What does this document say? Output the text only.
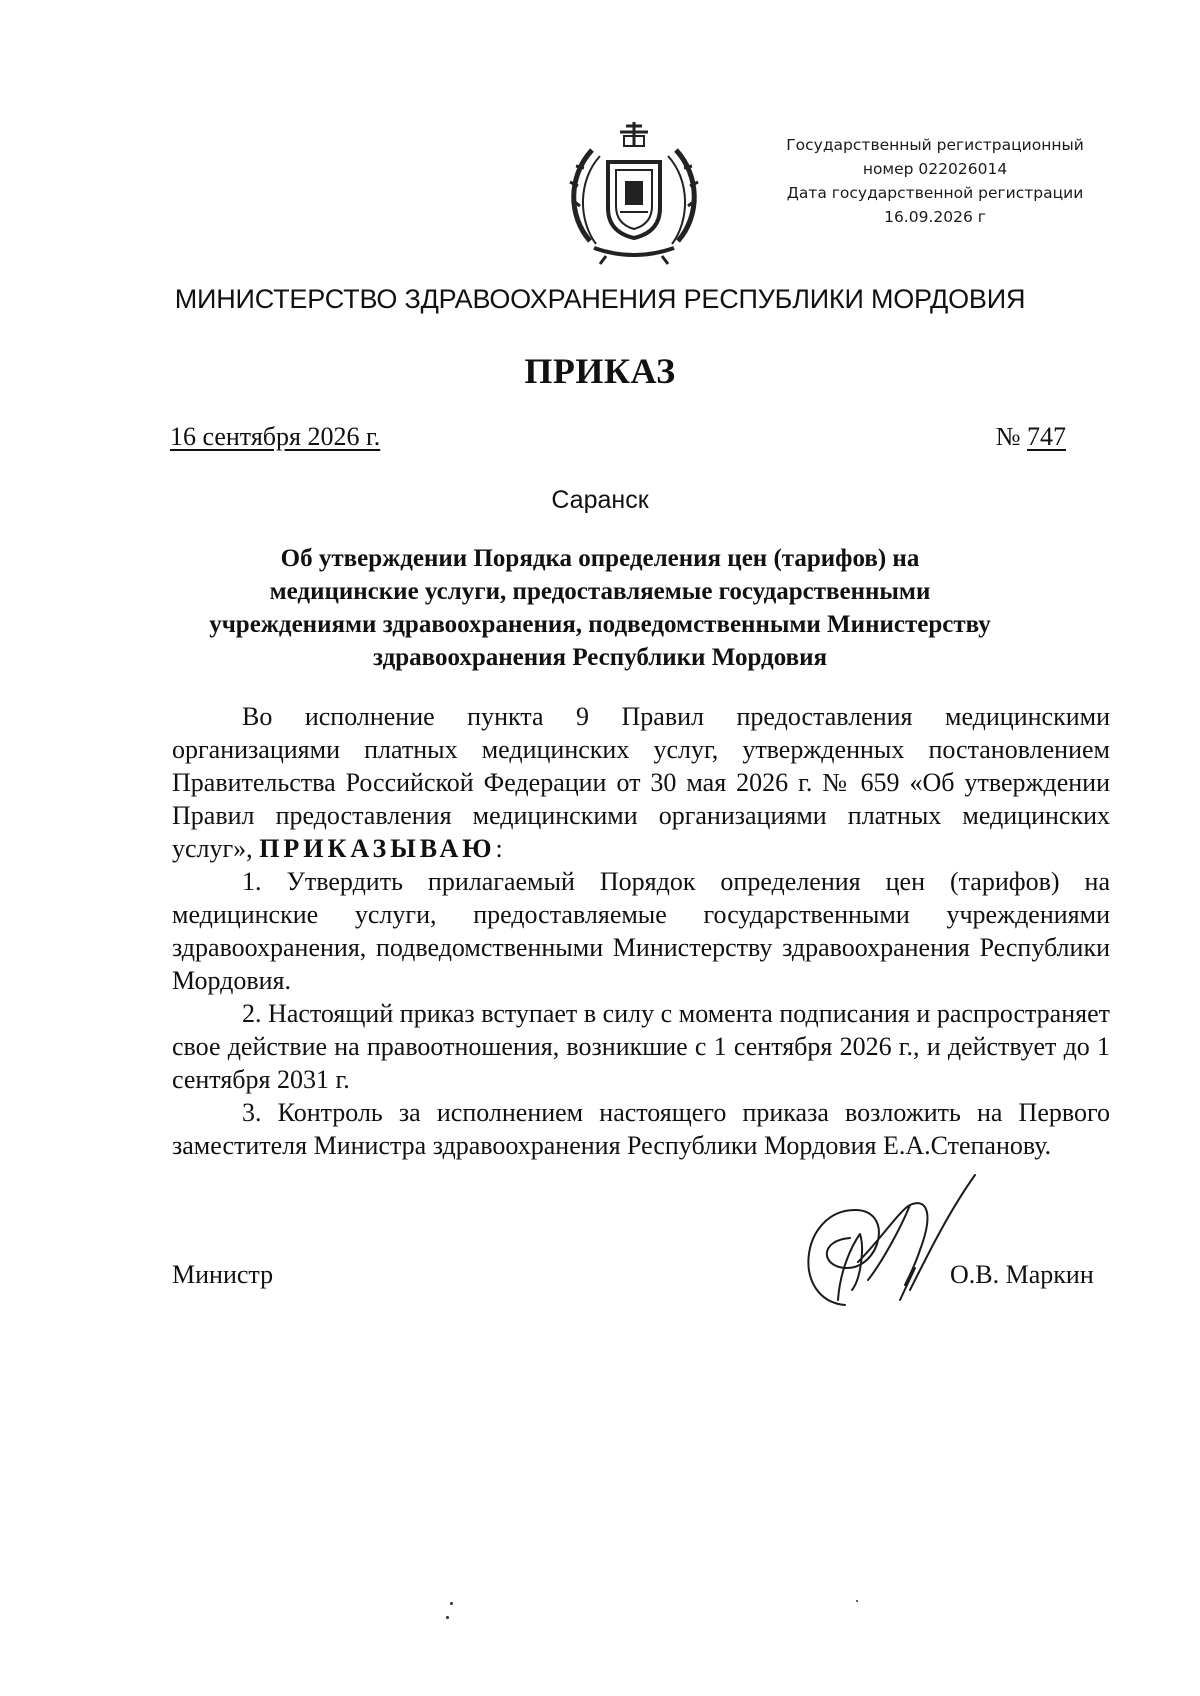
Государственный регистрационный
номер 022026014
Дата государственной регистрации
16.09.2026 г
МИНИСТЕРСТВО ЗДРАВООХРАНЕНИЯ РЕСПУБЛИКИ МОРДОВИЯ
ПРИКАЗ
16 сентября 2026 г.	№ 747
Саранск
Об утверждении Порядка определения цен (тарифов) на
медицинские услуги, предоставляемые государственными
учреждениями здравоохранения, подведомственными Министерству
здравоохранения Республики Мордовия

Во исполнение пункта 9 Правил предоставления медицинскими организациями платных медицинских услуг, утвержденных постановлением Правительства Российской Федерации от 30 мая 2026 г. № 659 «Об утверждении Правил предоставления медицинскими организациями платных медицинских услуг», ПРИКАЗЫВАЮ:

1. Утвердить прилагаемый Порядок определения цен (тарифов) на медицинские услуги, предоставляемые государственными учреждениями здравоохранения, подведомственными Министерству здравоохранения Республики Мордовия.

2. Настоящий приказ вступает в силу с момента подписания и распространяет свое действие на правоотношения, возникшие с 1 сентября 2026 г., и действует до 1 сентября 2031 г.

3. Контроль за исполнением настоящего приказа возложить на Первого заместителя Министра здравоохранения Республики Мордовия Е.А.Степанову.

Министр	О.В. Маркин
